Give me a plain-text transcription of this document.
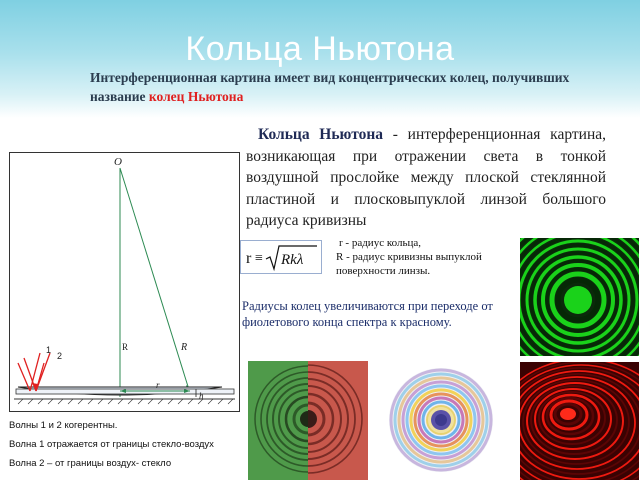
Кольца Ньютона
Интерференционная картина имеет вид концентрических колец, получивших название колец Ньютона
Кольца Ньютона - интерференционная картина, возникающая при отражении света в тонкой воздушной прослойке между плоской стеклянной пластиной и плосковыпуклой линзой большого радиуса кривизны
r ≡ Rkλ
r - радиус кольца,
R - радиус кривизны выпуклой
поверхности линзы.
Радиусы колец увеличиваются при переходе от фиолетового конца спектра к красному.
O
R	R
r
h
1
2
Волны 1 и 2 когерентны.
Волна 1 отражается от границы стекло-воздух
Волна 2 – от границы воздух- стекло
